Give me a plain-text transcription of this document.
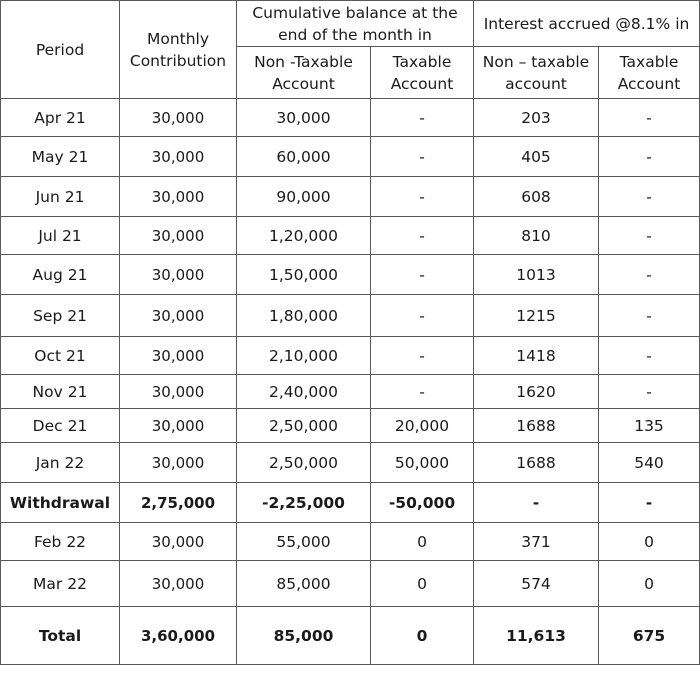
Period	Monthly Contribution	Cumulative balance at the end of the month in		Interest accrued @8.1% in	
		Non -Taxable Account	Taxable Account	Non – taxable account	Taxable Account
Apr 21	30,000	30,000	-	203	-
May 21	30,000	60,000	-	405	-
Jun 21	30,000	90,000	-	608	-
Jul 21	30,000	1,20,000	-	810	-
Aug 21	30,000	1,50,000	-	1013	-
Sep 21	30,000	1,80,000	-	1215	-
Oct 21	30,000	2,10,000	-	1418	-
Nov 21	30,000	2,40,000	-	1620	-
Dec 21	30,000	2,50,000	20,000	1688	135
Jan 22	30,000	2,50,000	50,000	1688	540
Withdrawal	2,75,000	-2,25,000	-50,000	-	-
Feb 22	30,000	55,000	0	371	0
Mar 22	30,000	85,000	0	574	0
Total	3,60,000	85,000	0	11,613	675
